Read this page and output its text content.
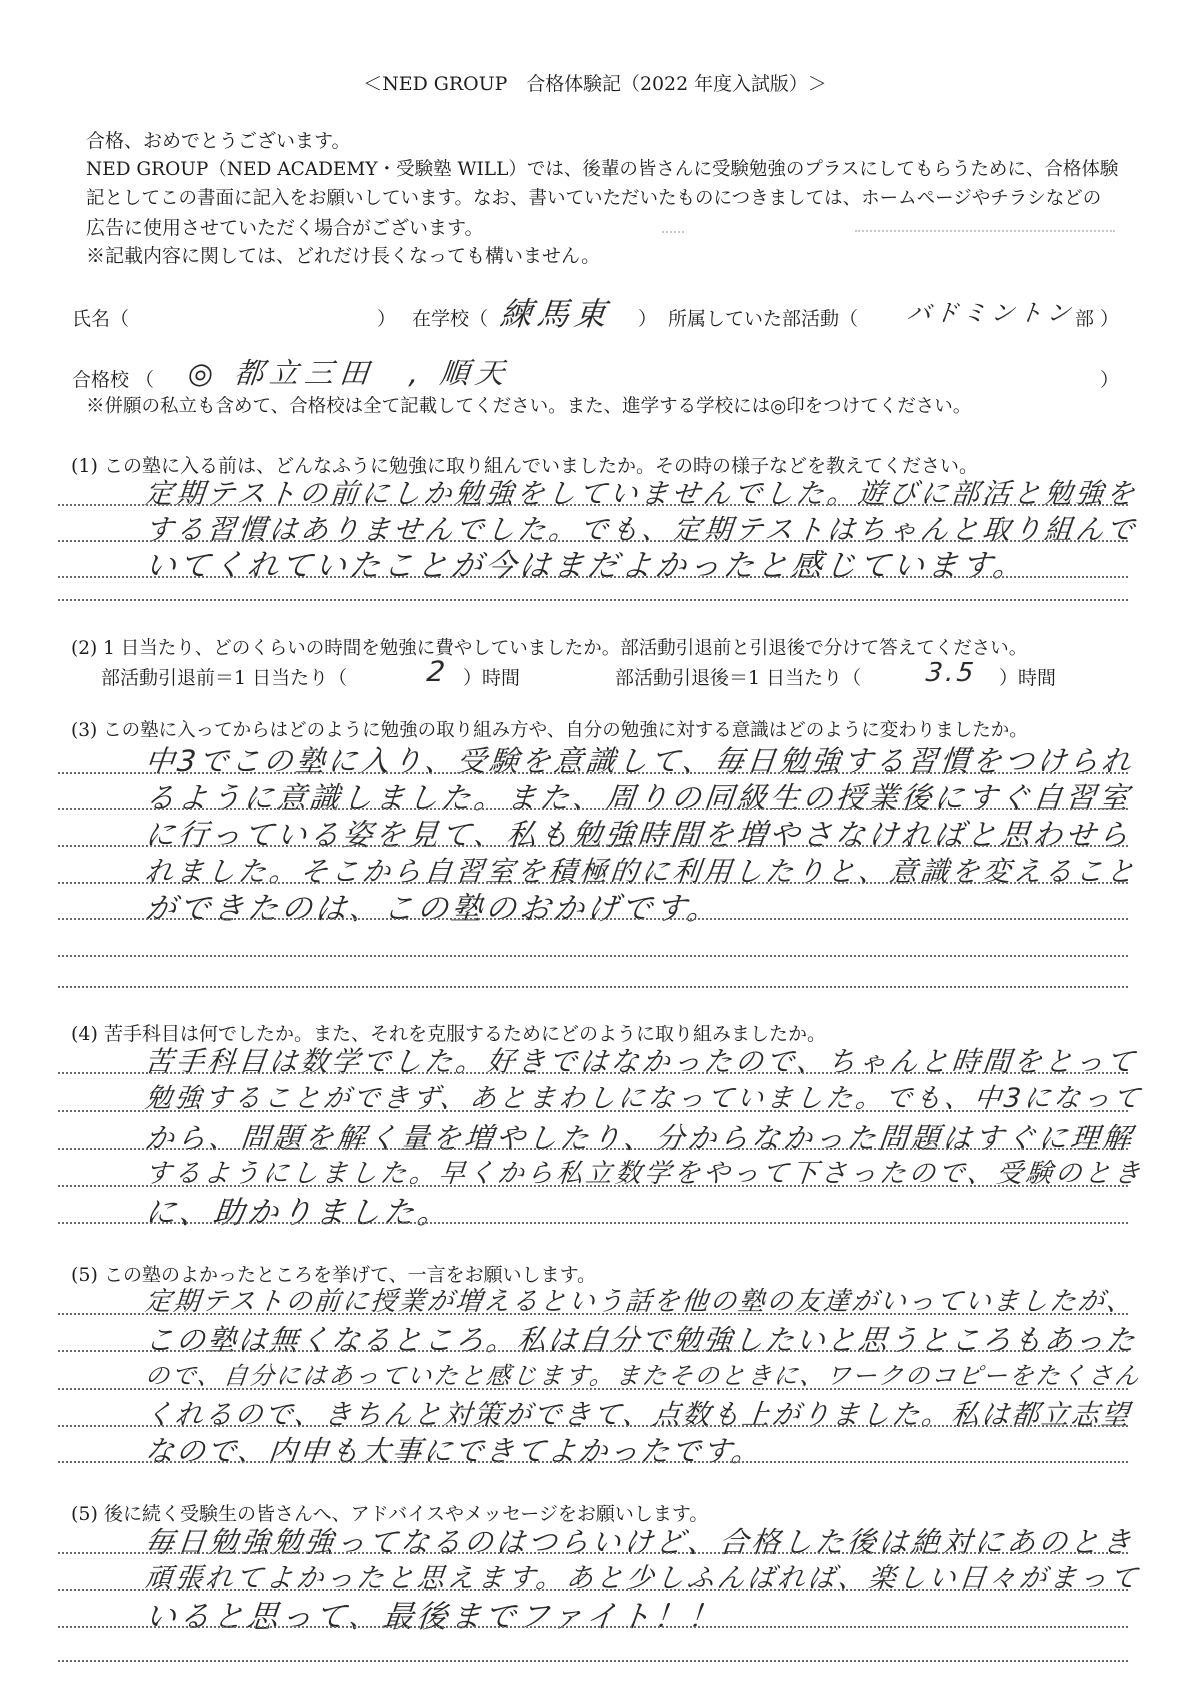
＜NED GROUP　合格体験記（2022 年度入試版）＞
合格、おめでとうございます。
NED GROUP（NED ACADEMY・受験塾 WILL）では、後輩の皆さんに受験勉強のプラスにしてもらうために、合格体験
記としてこの書面に記入をお願いしています。なお、書いていただいたものにつきましては、ホームページやチラシなどの
広告に使用させていただく場合がございます。
※記載内容に関しては、どれだけ長くなっても構いません。
氏名（	） 在学校（ 練馬東 ） 所属していた部活動（ バドミントン
部 ）
合格校 （ ◎ 都立三田　, 順天	）
※併願の私立も含めて、合格校は全て記載してください。また、進学する学校には◎印をつけてください。
(1) この塾に入る前は、どんなふうに勉強に取り組んでいましたか。その時の様子などを教えてください。
定期テストの前にしか勉強をしていませんでした。遊びに部活と勉強を
する習慣はありませんでした。でも、定期テストはちゃんと取り組んで
いてくれていたことが今はまだよかったと感じています。
(2) 1 日当たり、どのくらいの時間を勉強に費やしていましたか。部活動引退前と引退後で分けて答えてください。
部活動引退前＝1 日当たり（	2 ）時間	部活動引退後＝1 日当たり（ 3.5 ）時間
(3) この塾に入ってからはどのように勉強の取り組み方や、自分の勉強に対する意識はどのように変わりましたか。
中3でこの塾に入り、受験を意識して、毎日勉強する習慣をつけられ
るように意識しました。また、周りの同級生の授業後にすぐ自習室
に行っている姿を見て、私も勉強時間を増やさなければと思わせら
れました。そこから自習室を積極的に利用したりと、意識を変えること
ができたのは、この塾のおかげです。
(4) 苦手科目は何でしたか。また、それを克服するためにどのように取り組みましたか。
苦手科目は数学でした。好きではなかったので、ちゃんと時間をとって
勉強することができず、あとまわしになっていました。でも、中3になって
から、問題を解く量を増やしたり、分からなかった問題はすぐに理解
するようにしました。早くから私立数学をやって下さったので、受験のとき
に、助かりました。
(5) この塾のよかったところを挙げて、一言をお願いします。
定期テストの前に授業が増えるという話を他の塾の友達がいっていましたが、
この塾は無くなるところ。私は自分で勉強したいと思うところもあった
ので、自分にはあっていたと感じます。またそのときに、ワークのコピーをたくさん
くれるので、きちんと対策ができて、点数も上がりました。私は都立志望
なので、内申も大事にできてよかったです。
(5) 後に続く受験生の皆さんへ、アドバイスやメッセージをお願いします。
毎日勉強勉強ってなるのはつらいけど、合格した後は絶対にあのとき
頑張れてよかったと思えます。あと少しふんばれば、楽しい日々がまって
いると思って、最後までファイト！！
